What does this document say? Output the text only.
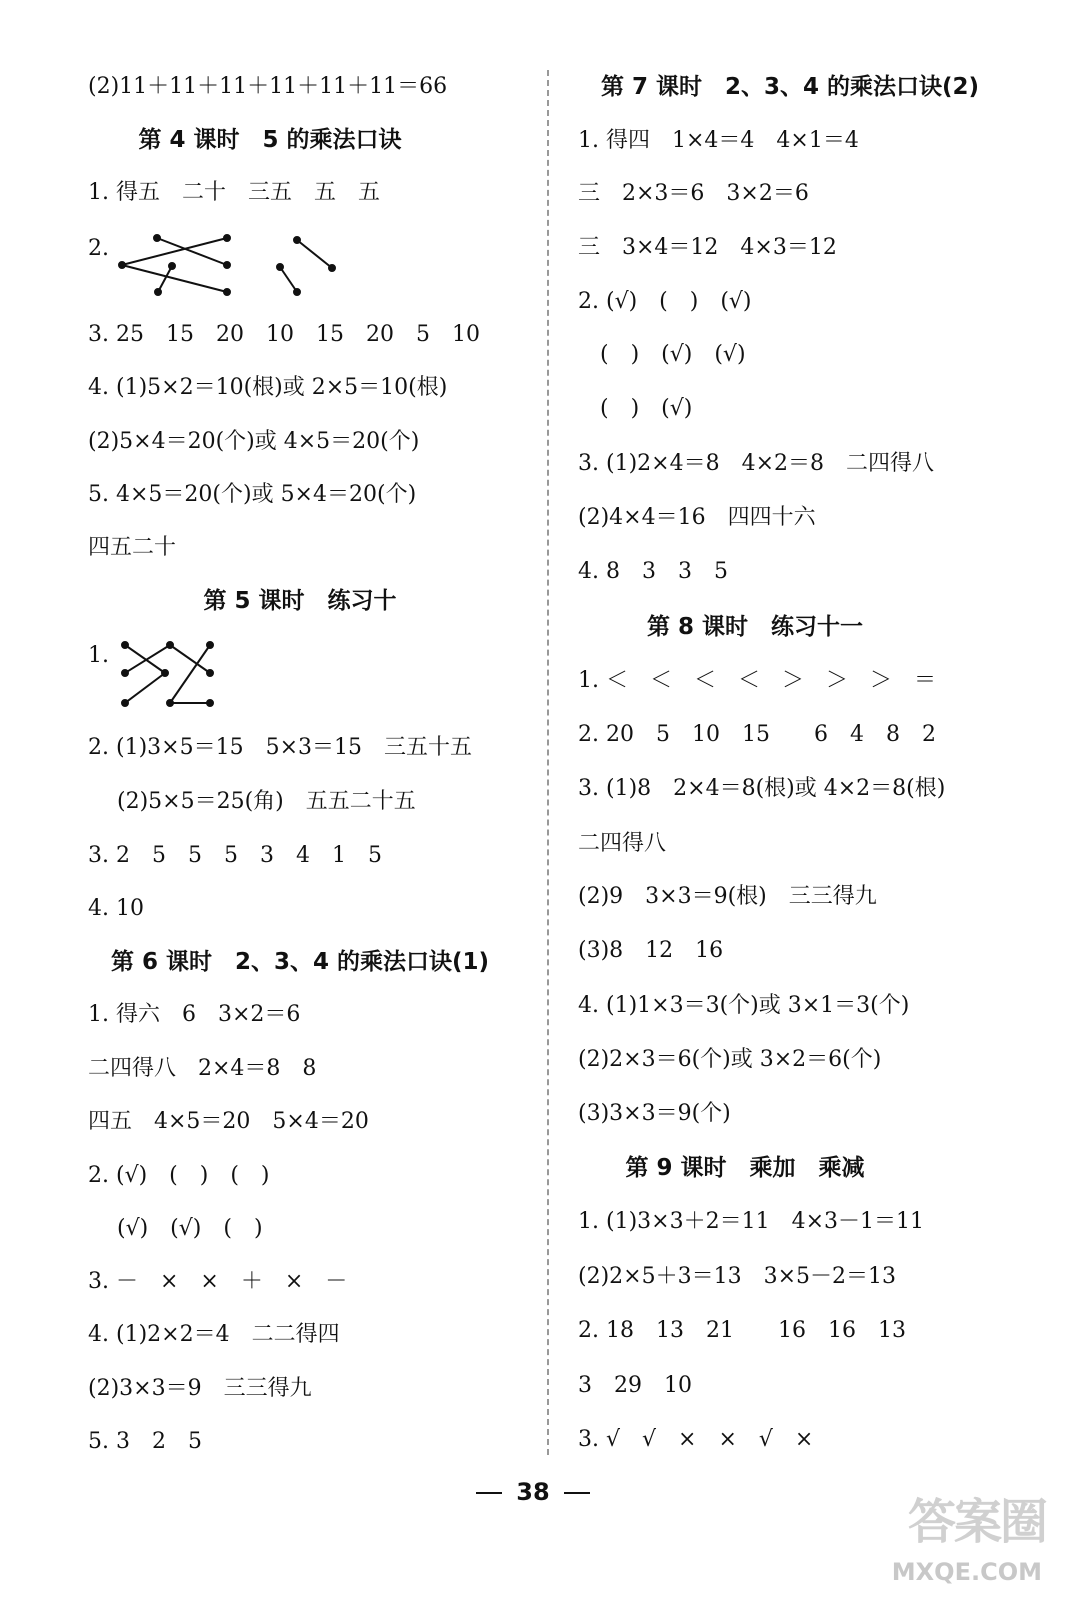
(2)11＋11＋11＋11＋11＋11＝66
第 4 课时　5 的乘法口诀
1. 得五　二十　三五　五　五
2.
3. 25　15　20　10　15　20　5　10
4. (1)5×2＝10(根)或 2×5＝10(根)
(2)5×4＝20(个)或 4×5＝20(个)
5. 4×5＝20(个)或 5×4＝20(个)
四五二十
第 5 课时　练习十
1.
2. (1)3×5＝15　5×3＝15　三五十五
(2)5×5＝25(角)　五五二十五
3. 2　5　5　5　3　4　1　5
4. 10
第 6 课时　2、3、4 的乘法口诀(1)
1. 得六　6　3×2＝6
二四得八　2×4＝8　8
四五　4×5＝20　5×4＝20
2. (√)　(　)　(　)
(√)　(√)　(　)
3. －　×　×　＋　×　－
4. (1)2×2＝4　二二得四
(2)3×3＝9　三三得九
5. 3　2　5
第 7 课时　2、3、4 的乘法口诀(2)
1. 得四　1×4＝4　4×1＝4
三　2×3＝6　3×2＝6
三　3×4＝12　4×3＝12
2. (√)　(　)　(√)
(　)　(√)　(√)
(　)　(√)
3. (1)2×4＝8　4×2＝8　二四得八
(2)4×4＝16　四四十六
4. 8　3　3　5
第 8 课时　练习十一
1. ＜　＜　＜　＜　＞　＞　＞　＝
2. 20　5　10　15　　6　4　8　2
3. (1)8　2×4＝8(根)或 4×2＝8(根)
二四得八
(2)9　3×3＝9(根)　三三得九
(3)8　12　16
4. (1)1×3＝3(个)或 3×1＝3(个)
(2)2×3＝6(个)或 3×2＝6(个)
(3)3×3＝9(个)
第 9 课时　乘加　乘减
1. (1)3×3＋2＝11　4×3－1＝11
(2)2×5＋3＝13　3×5－2＝13
2. 18　13　21　　16　16　13
3　29　10
3. √　√　×　×　√　×
38
答案圈
MXQE.COM
